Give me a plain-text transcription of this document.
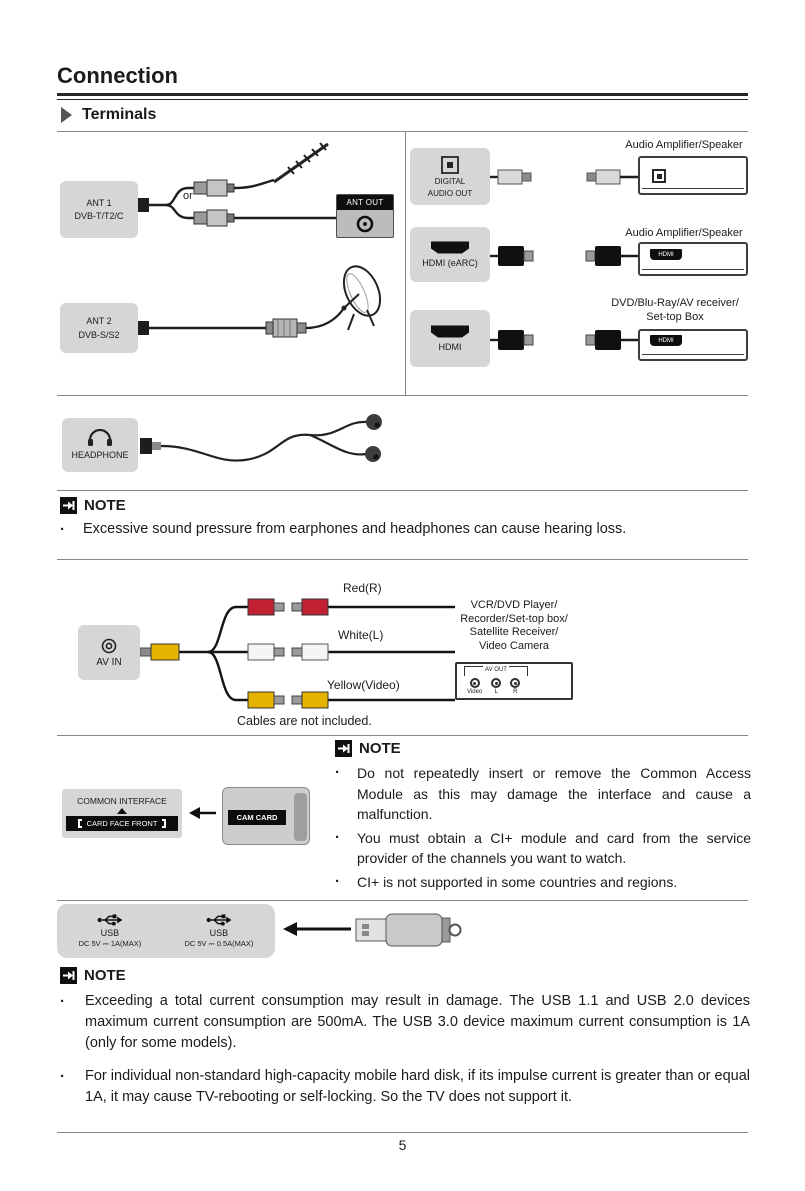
Connection
Terminals
ANT 1
DVB-T/T2/C
or
ANT OUT
ANT 2
DVB-S/S2
DIGITAL
AUDIO OUT
Audio Amplifier/Speaker
HDMI (eARC)
Audio Amplifier/Speaker
HDMI
HDMI
DVD/Blu-Ray/AV receiver/
Set-top Box
HDMI
HEADPHONE
NOTE
·	Excessive sound pressure from earphones and headphones can cause hearing loss.
Red(R)
White(L)
Yellow(Video)
AV IN
VCR/DVD Player/
Recorder/Set-top box/
Satellite Receiver/
Video Camera
AV OUT
Video L	R
Cables are not included.
NOTE
·	Do not repeatedly insert or remove the Common Access Module as this may damage the interface and cause a malfunction.
·	You must obtain a CI+ module and card from the service provider of the channels you want to watch.
·	CI+ is not supported in some countries and regions.
COMMON INTERFACE
CARD FACE FRONT
CAM CARD
USB
DC 5V ⎓ 1A(MAX)
USB
DC 5V ⎓ 0.5A(MAX)
NOTE
·	Exceeding a total current consumption may result in damage. The USB 1.1 and USB 2.0 devices maximum current consumption are 500mA. The USB 3.0 device maximum current consumption is 1A (only for some models).
·	For individual non-standard high-capacity mobile hard disk, if its impulse current is greater than or equal 1A, it may cause TV-rebooting or self-locking. So the TV does not support it.
5
